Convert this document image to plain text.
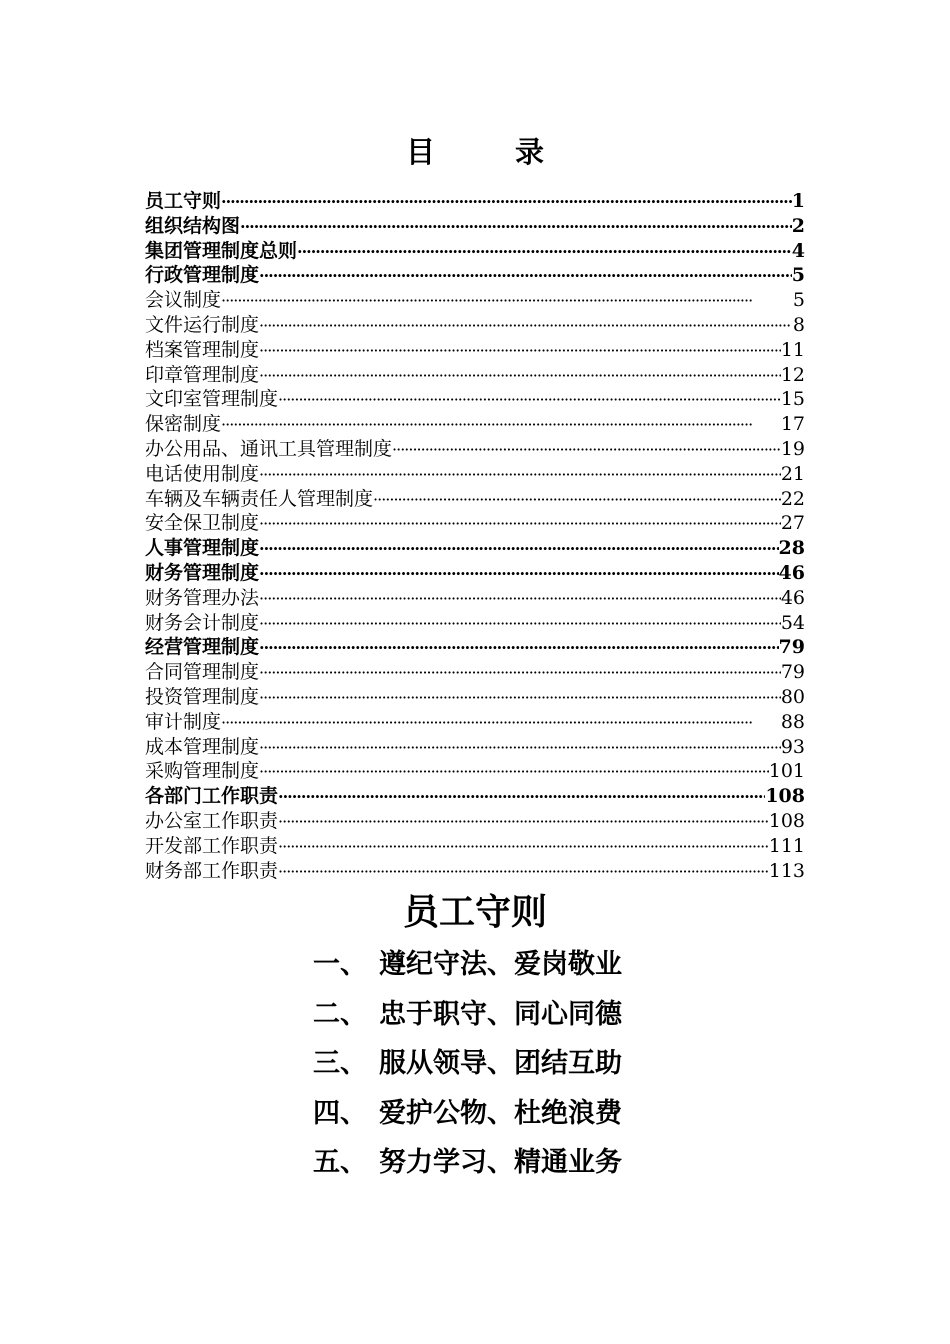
目	录
员工守则 ·····	1
组织结构图 ·····	2
集团管理制度总则 ·····	4
行政管理制度 ·····	5
会议制度 ·····	5
文件运行制度 ·····	8
档案管理制度 ·····	11
印章管理制度 ·····	12
文印室管理制度 ·····	15
保密制度 ·····	17
办公用品、通讯工具管理制度 ·····	19
电话使用制度 ·····	21
车辆及车辆责任人管理制度 ·····	22
安全保卫制度 ·····	27
人事管理制度 ·····	28
财务管理制度 ·····	46
财务管理办法 ·····	46
财务会计制度 ·····	54
经营管理制度 ·····	79
合同管理制度 ·····	79
投资管理制度 ·····	80
审计制度 ·····	88
成本管理制度 ·····	93
采购管理制度 ·····	101
各部门工作职责 ·····	108
办公室工作职责 ·····	108
开发部工作职责 ·····	111
财务部工作职责 ·····	113
员工守则
一、 遵纪守法、爱岗敬业
二、 忠于职守、同心同德
三、 服从领导、团结互助
四、 爱护公物、杜绝浪费
五、 努力学习、精通业务
